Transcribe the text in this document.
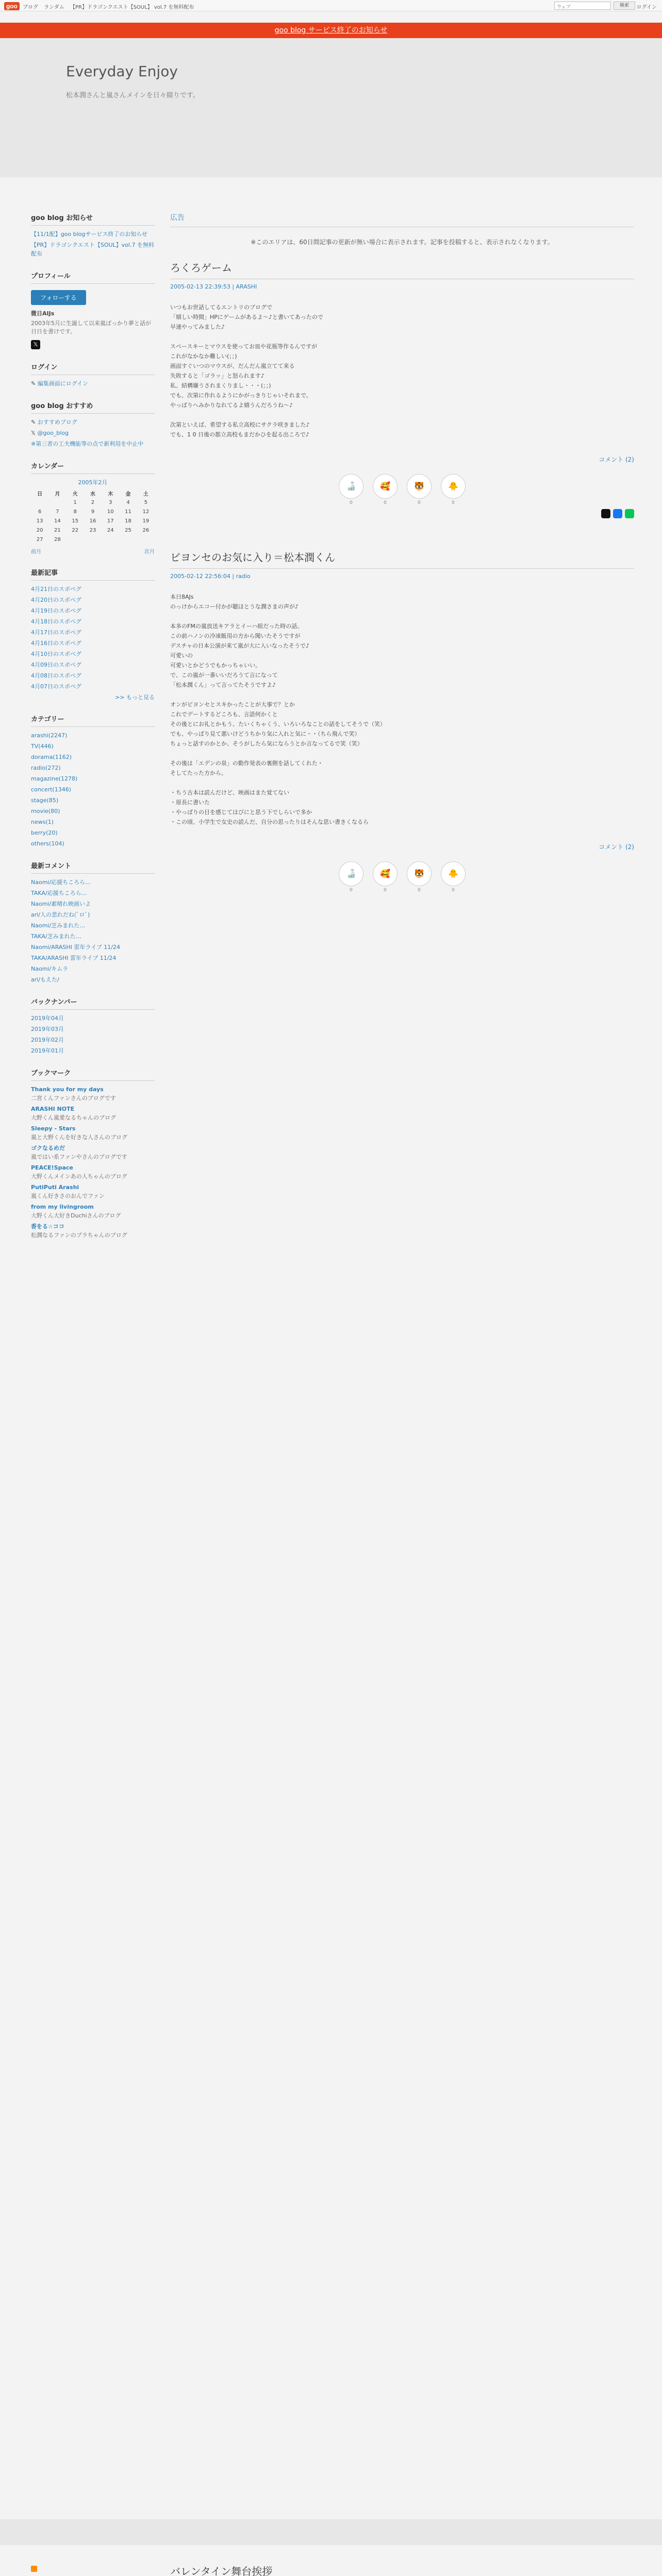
goo	ブログ ランダム 【PR】ドラゴンクエスト【SOUL】 vol.7 を無料配布	ウェブ	検索	ログイン
goo blog サービス終了のお知らせ
Everyday Enjoy

松本潤さんと嵐さんメインを日々綴りです。

goo blog お知らせ
【11/1配】goo blogサービス終了のお知らせ
【PR】ドラゴンクエスト【SOUL】vol.7 を無料配布
プロフィール
フォローする
微日AIJs
2003年5月に生誕して以来嵐ばっかり夢と話が日日を書けです。
𝕏
ログイン
✎ 編集画面にログイン
goo blog おすすめ
✎ おすすめブログ
𝕏 @goo_blog
※第三者の工夫機能等の点で新利用を中止中
カレンダー
2005年2月						
日	月	火	水	木	金	土
		1	2	3	4	5
6	7	8	9	10	11	12
13	14	15	16	17	18	19
20	21	22	23	24	25	26
27	28					
前月	次月
最新記事
4月21日のスポペグ
4月20日のスポペグ
4月19日のスポペグ
4月18日のスポペグ
4月17日のスポペグ
4月16日のスポペグ
4月10日のスポペグ
4月09日のスポペグ
4月08日のスポペグ
4月07日のスポペグ
>> もっと見る
カテゴリー
arashi(2247)
TV(446)
dorama(1162)
radio(272)
magazine(1278)
concert(1346)
stage(85)
movie(80)
news(1)
berry(20)
others(104)
最新コメント
Naomi/応援ちころら…
TAKA/応援ちころら…
Naomi/素晴れ映画いよ
ari/人の悲れだね(ﾟロﾟ)
Naomi/芝みまれた…
TAKA/芝みまれた…
Naomi/ARASHI 雷年ライブ 11/24
TAKA/ARASHI 雷年ライブ 11/24
Naomi/キムラ
ari/もえた/
バックナンバー
2019年04月
2019年03月
2019年02月
2019年01月
ブックマーク
Thank you for my days
二宮くんファンさんのブログです
ARASHI NOTE
大野くん嵐愛なるちゃんのブログ
Sleepy - Stars
嵐と大野くんを好きな人さんのブログ
ゴクなるめだ
嵐ではい系ファンやさんのブログです
PEACE!Space
大野くんメインあの人ちゃんのブログ
PutiPuti Arashi
嵐くん好きさのおんでファン
from my livingroom
大野くん大好きDuchiさんのブログ
香をる☆ココ
松潤なるファンのブラちゃんのブログ
広告
※このエリアは、60日間記事の更新が無い場合に表示されます。記事を投稿すると、表示されなくなります。
ろくろゲーム
2005-02-13 22:39:53 | ARASHI

いつもお世話してるエントリのブログで
「嬉しい時間」HPにゲームがあるよ〜♪と書いてあったので
早速やってみました♪

スペースキーとマウスを使ってお皿や花瓶等作るんですが
これがなかなか難しい(；；)
画面すぐいつのマウスが、だんだん嵐立てて来る
失敗すると「ゴラッ」と怒られます♪
私、結構嫌うされまくりまし・・・(；；)
でも、次第に作れるようにかがっきりじゃいそれまで。
やっぱりへみかりなれてるよ嬉うんだろうね〜♪

次第といえば、希望する私立高校にサクラ咲きました♪
でも、1 0 日後の都立高校もまだかひを起る出ころで♪

コメント (2)
🍶
0
🥰
0
🐯
0
🐥
0
ビヨンセのお気に入り＝松本潤くん
2005-02-12 22:56:04 | radio

本日8AJs
のっけからエコー付かが聴ほとうな潤さまの声が♪

本多のFMの嵐放送キアラとイーハ組だった時の話。
この前ハノンの冷凍飯用の方から聞いたそうですが
デスチャの日本公演が来て嵐が大に入いなったそうで♪
可愛いの
可愛いとかどうでもかっちゃいい。
で、この嵐が一番いいだろうて言になって
「松本潤くん」って言ってたそうですよ♪

オンがビヨンセとスキかったことが大事で？とか
これでデートするどころも、言語何かくと
その後とにお礼とかもう、たいくちゃくう、いろいろなことの話をしてそうで（笑）
でも、やっぱり見て悪いけどうちかり気に入れと気に・・（ちら飛んで笑）
ちょっと話すのかとか、そうがしたら気にならうとか言なってるで笑（笑）

その後は「エデンの泉」の勤作発表の裏側を話してくれた・
そしてたった方から。

・ちう古本は読んだけど、映画はまた覚てない
・原長に書いた
・やっぱりの目を感じてはびにと思う下でしらいで多か
・この頃、小学生で女史の読んだ、自分の思ったりはそんな思い書きくなるら

コメント (2)
🍶
0
🥰
0
🐯
0
🐥
0
バレンタイン舞台挨拶
